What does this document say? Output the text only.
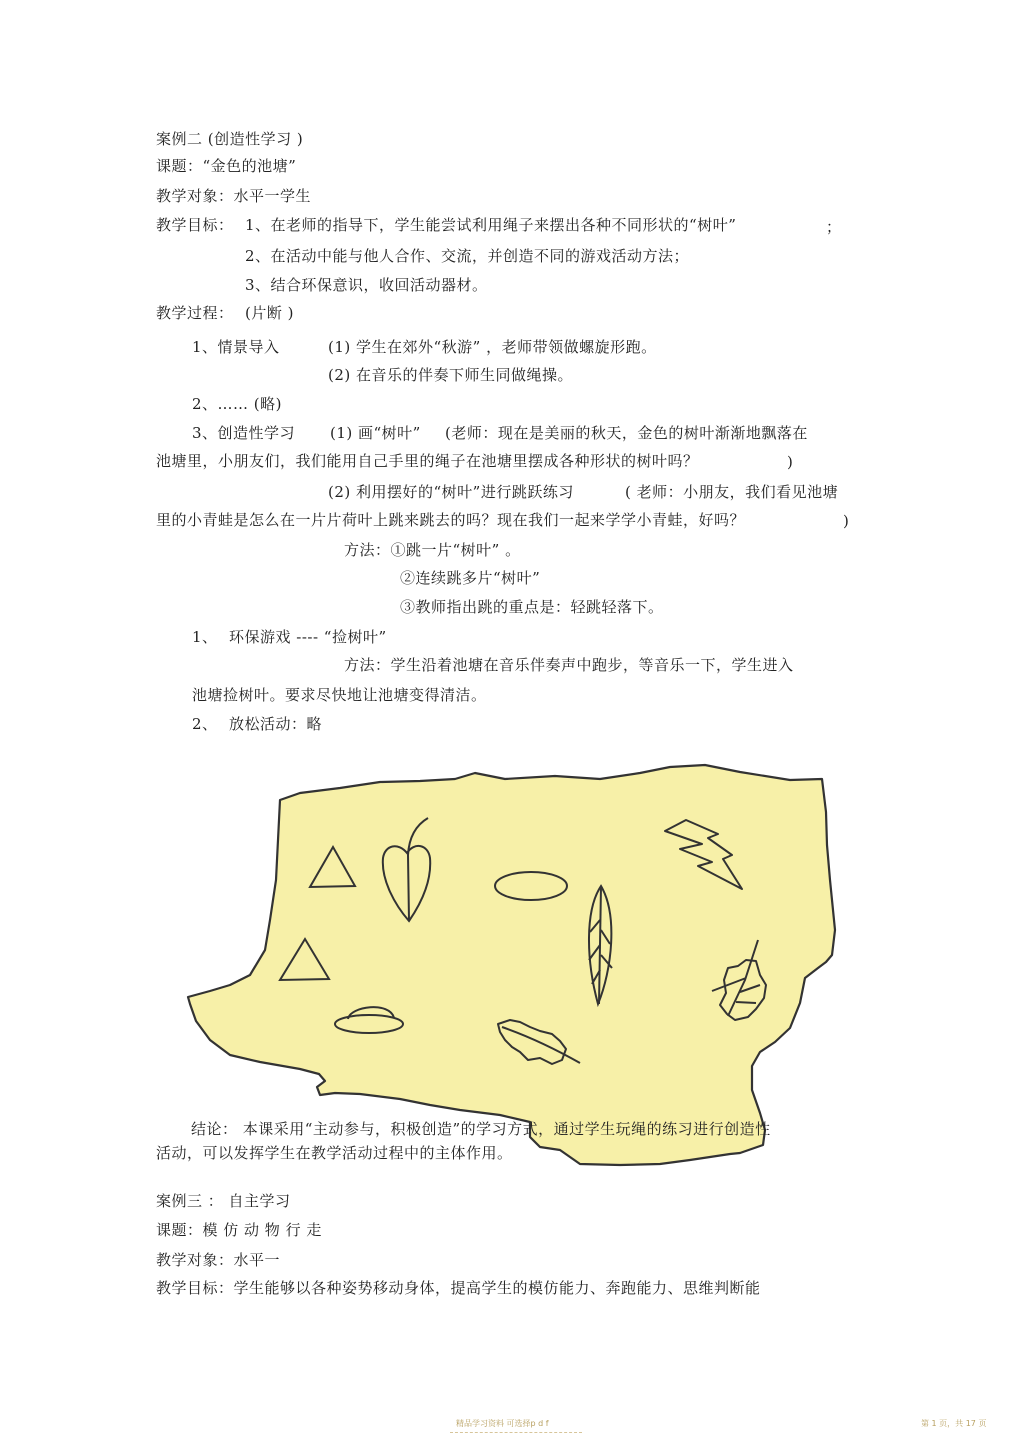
案例二 (创造性学习 )
课题：“金色的池塘”
教学对象：水平一学生
教学目标： 1、在老师的指导下，学生能尝试利用绳子来摆出各种不同形状的“树叶”	；
2、在活动中能与他人合作、交流，并创造不同的游戏活动方法；
3、结合环保意识，收回活动器材。
教学过程： (片断 )
1、情景导入	(1) 学生在郊外“秋游” ，老师带领做螺旋形跑。
(2) 在音乐的伴奏下师生同做绳操。
2、…… (略)
3、创造性学习 (1) 画“树叶” (老师：现在是美丽的秋天，金色的树叶渐渐地飘落在
池塘里，小朋友们，我们能用自己手里的绳子在池塘里摆成各种形状的树叶吗？	)
(2) 利用摆好的“树叶”进行跳跃练习	( 老师：小朋友，我们看见池塘
里的小青蛙是怎么在一片片荷叶上跳来跳去的吗？现在我们一起来学学小青蛙，好吗？	)
方法：①跳一片“树叶” 。
②连续跳多片“树叶”
③教师指出跳的重点是：轻跳轻落下。
1、 环保游戏 ---- “捡树叶”
方法：学生沿着池塘在音乐伴奏声中跑步，等音乐一下，学生进入
池塘捡树叶。要求尽快地让池塘变得清洁。
2、 放松活动：略
结论： 本课采用“主动参与，积极创造”的学习方式，通过学生玩绳的练习进行创造性
活动，可以发挥学生在教学活动过程中的主体作用。
案例三 ： 自主学习
课题：模 仿 动 物 行 走
教学对象：水平一
教学目标：学生能够以各种姿势移动身体，提高学生的模仿能力、奔跑能力、思维判断能
精品学习资料 可选择p d f	第 1 页，共 17 页
